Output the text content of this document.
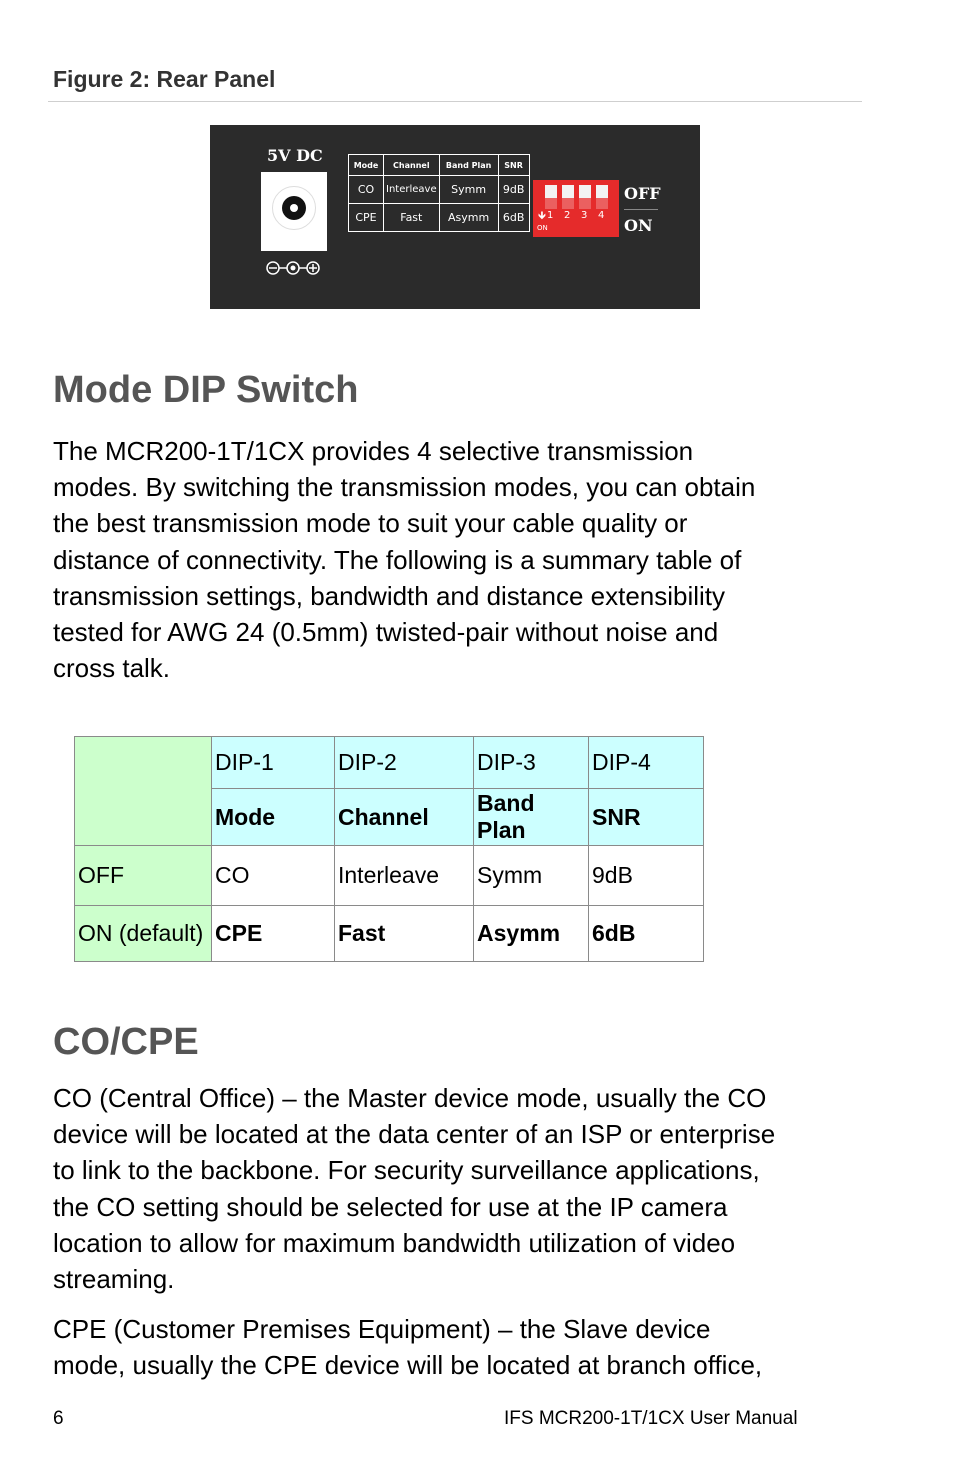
Figure 2: Rear Panel
5V DC	Mode	Channel	Band Plan	SNR
CO	Interleave	Symm	9dB
CPE	Fast	Asymm	6dB 🡻 1 2 3 4
ON
OFF
ON
Mode DIP Switch

The MCR200-1T/1CX provides 4 selective transmission
modes. By switching the transmission modes, you can obtain
the best transmission mode to suit your cable quality or
distance of connectivity. The following is a summary table of
transmission settings, bandwidth and distance extensibility
tested for AWG 24 (0.5mm) twisted-pair without noise and
cross talk.

	DIP-1	DIP-2	DIP-3	DIP-4
	Mode	Channel	Band Plan	SNR
OFF	CO	Interleave	Symm	9dB
ON (default)	CPE	Fast	Asymm	6dB
CO/CPE

CO (Central Office) – the Master device mode, usually the CO
device will be located at the data center of an ISP or enterprise
to link to the backbone. For security surveillance applications,
the CO setting should be selected for use at the IP camera
location to allow for maximum bandwidth utilization of video
streaming.

CPE (Customer Premises Equipment) – the Slave device
mode, usually the CPE device will be located at branch office,

6	IFS MCR200-1T/1CX User Manual
